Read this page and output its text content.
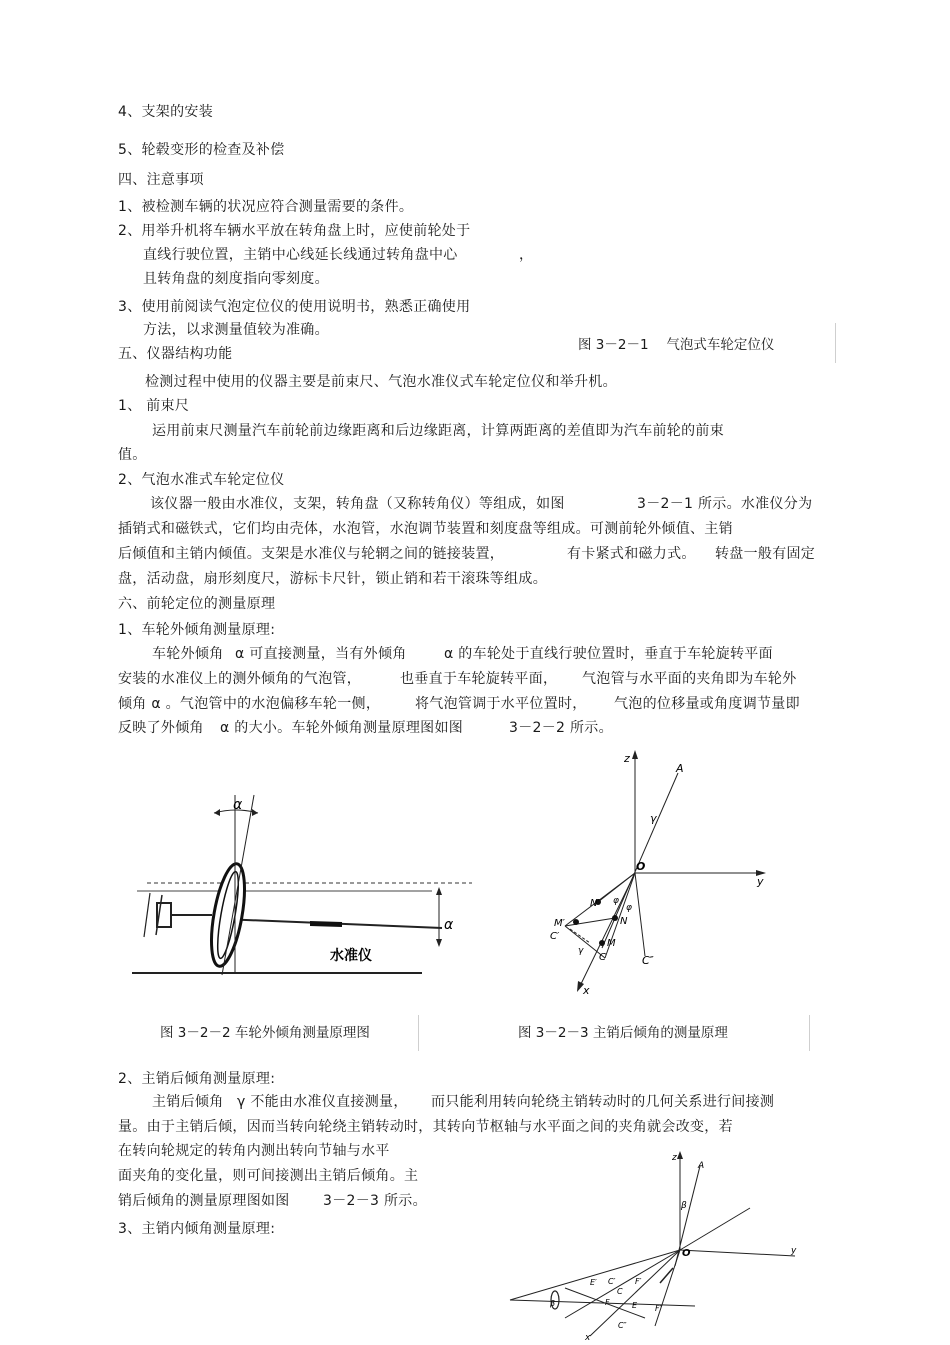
4、支架的安装
5、轮毂变形的检查及补偿
四、注意事项
1、被检测车辆的状况应符合测量需要的条件。
2、用举升机将车辆水平放在转角盘上时，应使前轮处于
直线行驶位置，主销中心线延长线通过转角盘中心	，
且转角盘的刻度指向零刻度。
3、使用前阅读气泡定位仪的使用说明书，熟悉正确使用
方法，以求测量值较为准确。
图 3－2－1　 气泡式车轮定位仪
五、仪器结构功能
检测过程中使用的仪器主要是前束尺、气泡水准仪式车轮定位仪和举升机。
1、 前束尺
运用前束尺测量汽车前轮前边缘距离和后边缘距离，计算两距离的差值即为汽车前轮的前束
值。
2、气泡水准式车轮定位仪
该仪器一般由水准仪，支架，转角盘（又称转角仪）等组成，如图	3－2－1 所示。水准仪分为
插销式和磁铁式，它们均由壳体，水泡管，水泡调节装置和刻度盘等组成。可测前轮外倾值、主销
后倾值和主销内倾值。支架是水准仪与轮辋之间的链接装置，	有卡紧式和磁力式。 转盘一般有固定
盘，活动盘，扇形刻度尺，游标卡尺针，锁止销和若干滚珠等组成。
六、前轮定位的测量原理
1、车轮外倾角测量原理:
车轮外倾角 α 可直接测量，当有外倾角	α 的车轮处于直线行驶位置时，垂直于车轮旋转平面
安装的水准仪上的测外倾角的气泡管，	也垂直于车轮旋转平面， 气泡管与水平面的夹角即为车轮外
倾角 α 。气泡管中的水泡偏移车轮一侧， 将气泡管调于水平位置时， 气泡的位移量或角度调节量即
反映了外倾角 α 的大小。车轮外倾角测量原理图如图	3－2－2 所示。
α
α
水准仪
z
y
x
A
γ
C″
O
N′
N
M′
M
C′
C
φ
φ
γ
图 3－2－2 车轮外倾角测量原理图	图 3－2－3 主销后倾角的测量原理
2、主销后倾角测量原理:
主销后倾角 γ 不能由水准仪直接测量， 而只能利用转向轮绕主销转动时的几何关系进行间接测
量。由于主销后倾，因而当转向轮绕主销转动时，其转向节枢轴与水平面之间的夹角就会改变，若
在转向轮规定的转角内测出转向节轴与水平
面夹角的变化量，则可间接测出主销后倾角。主
销后倾角的测量原理图如图 3－2－3 所示。
3、主销内倾角测量原理:
z
y
x
A
β
β
O
E′ C′ F′
C
F	E F″
C″
